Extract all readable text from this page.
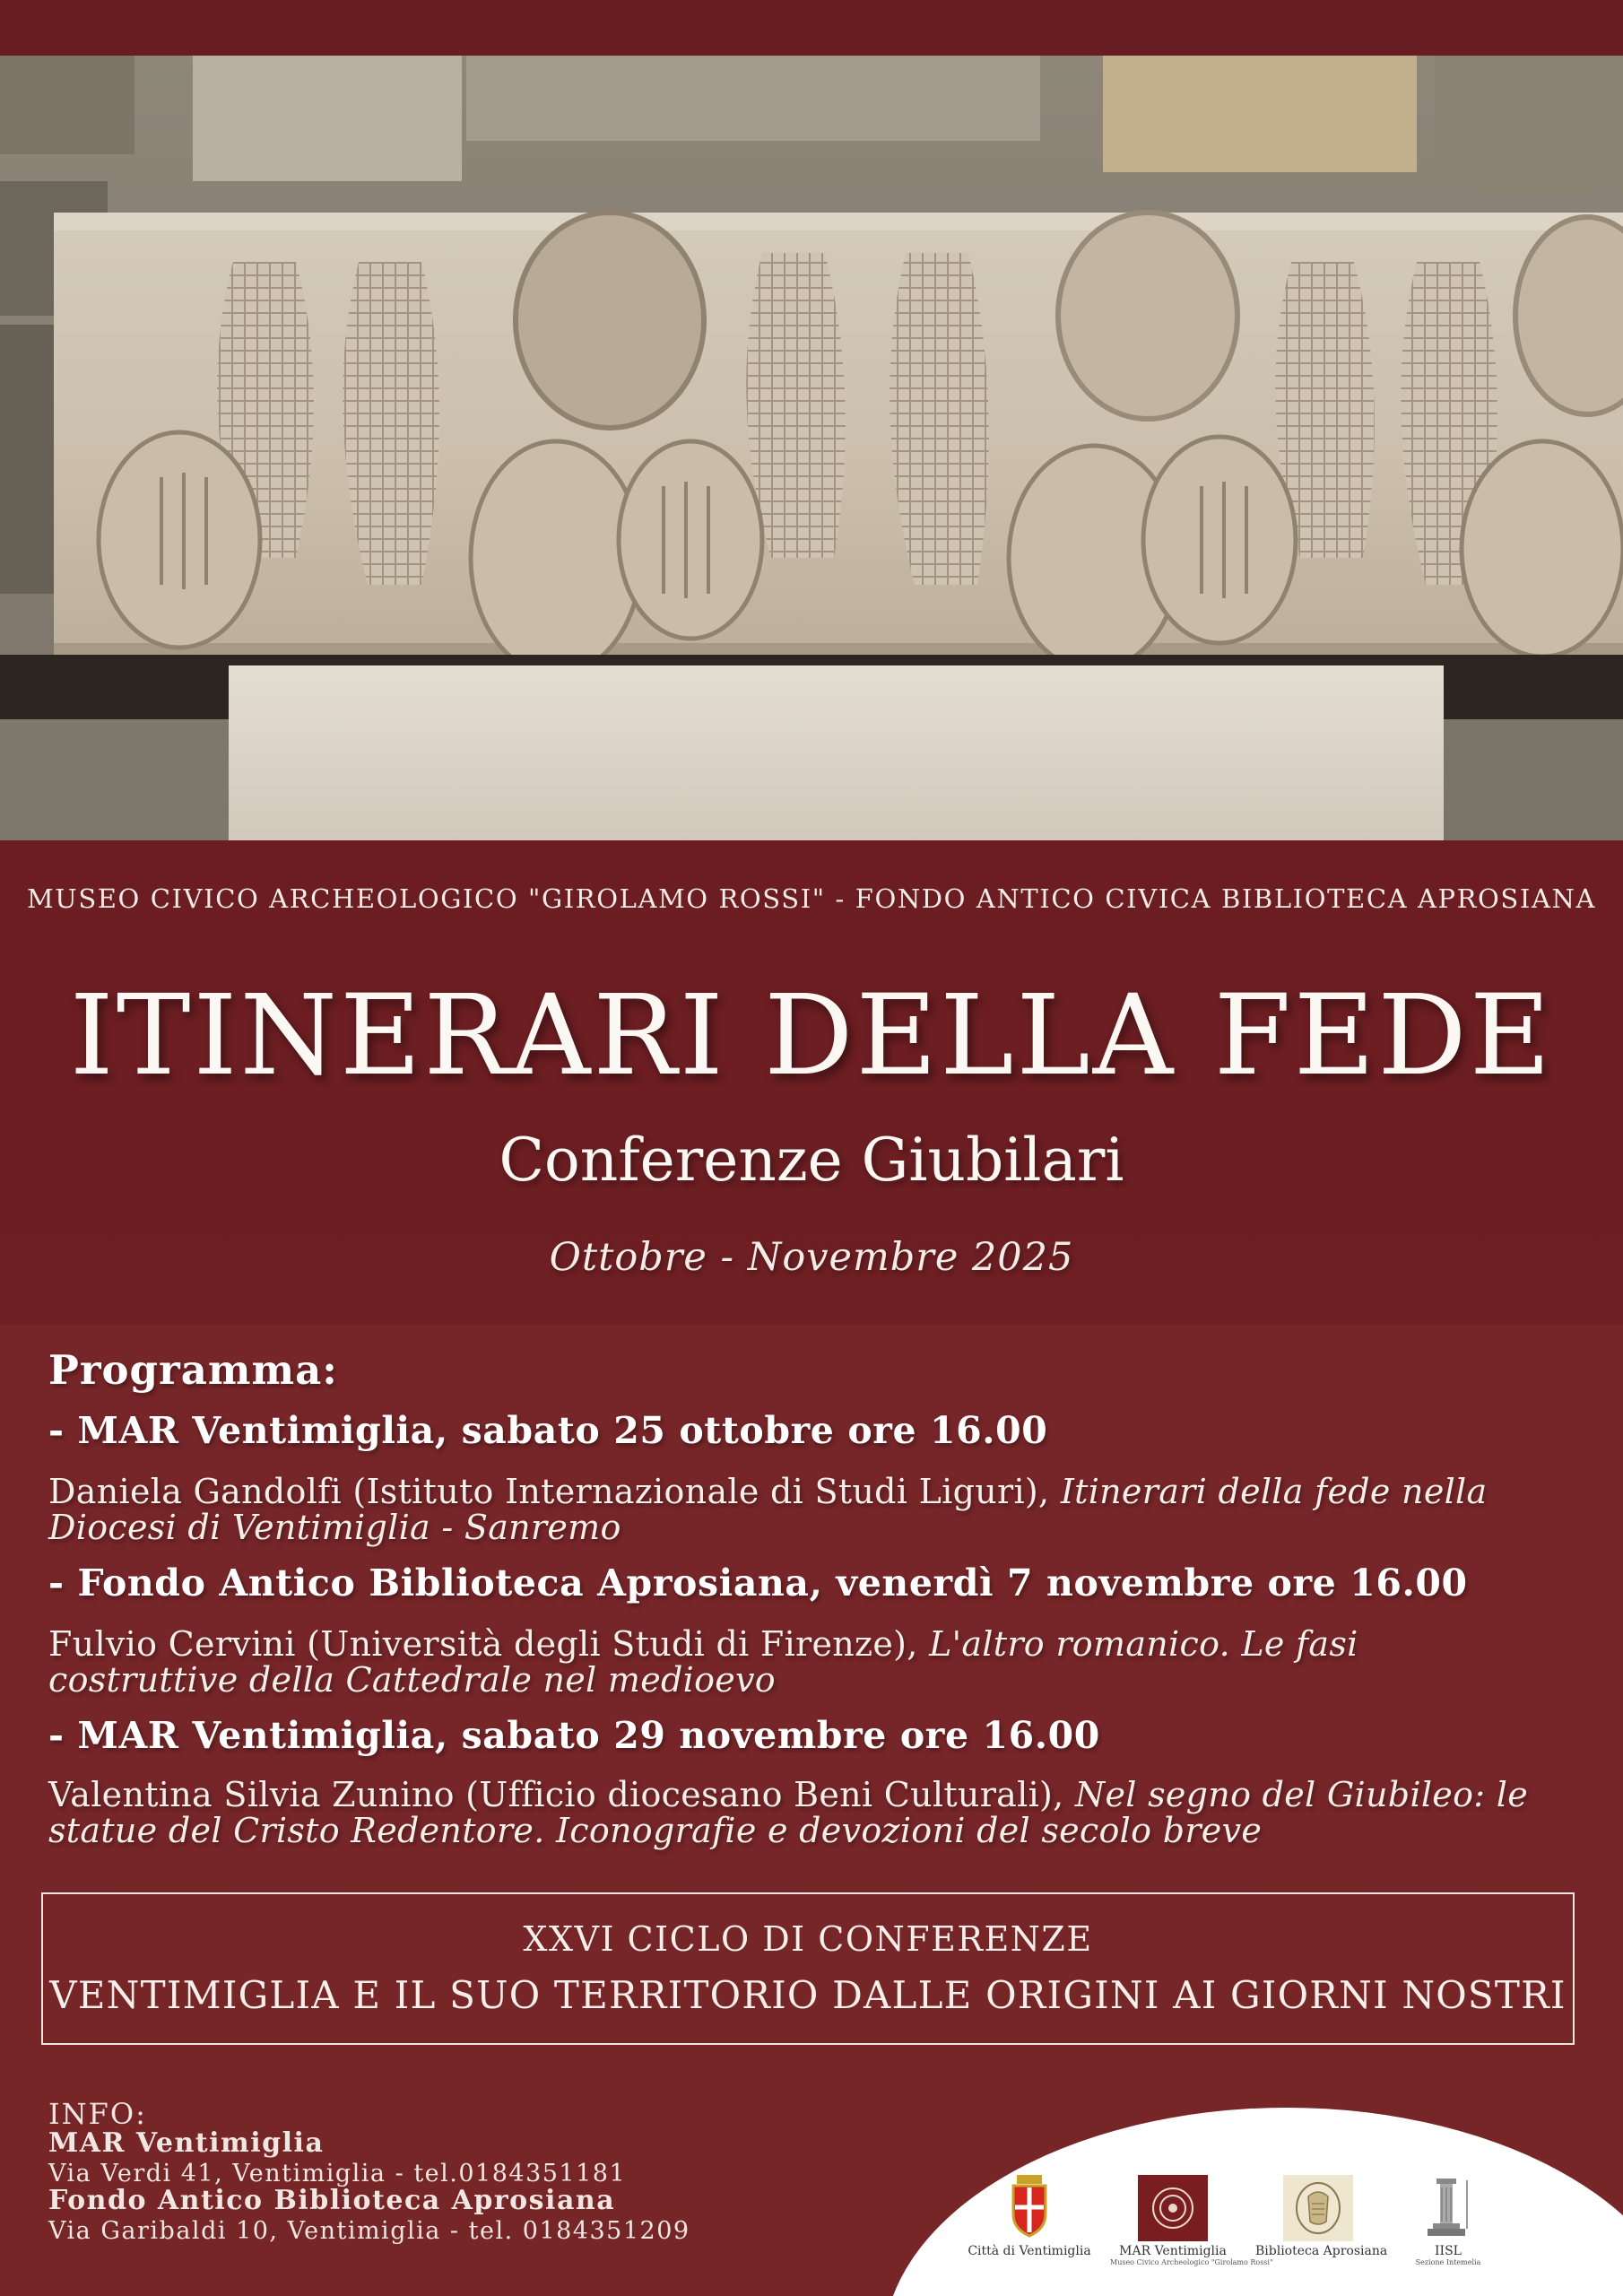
MUSEO CIVICO ARCHEOLOGICO "GIROLAMO ROSSI" - FONDO ANTICO CIVICA BIBLIOTECA APROSIANA
ITINERARI DELLA FEDE
Conferenze Giubilari
Ottobre - Novembre 2025
Programma:
- MAR Ventimiglia, sabato 25 ottobre ore 16.00
Daniela Gandolfi (Istituto Internazionale di Studi Liguri), Itinerari della fede nella
Diocesi di Ventimiglia - Sanremo
- Fondo Antico Biblioteca Aprosiana, venerdì 7 novembre ore 16.00
Fulvio Cervini (Università degli Studi di Firenze), L'altro romanico. Le fasi
costruttive della Cattedrale nel medioevo
- MAR Ventimiglia, sabato 29 novembre ore 16.00
Valentina Silvia Zunino (Ufficio diocesano Beni Culturali), Nel segno del Giubileo: le
statue del Cristo Redentore. Iconografie e devozioni del secolo breve
XXVI CICLO DI CONFERENZE
VENTIMIGLIA E IL SUO TERRITORIO DALLE ORIGINI AI GIORNI NOSTRI
INFO:
MAR Ventimiglia
Via Verdi 41, Ventimiglia - tel.0184351181
Fondo Antico Biblioteca Aprosiana
Via Garibaldi 10, Ventimiglia - tel. 0184351209
Città di Ventimiglia	MAR Ventimiglia
Museo Civico Archeologico "Girolamo Rossi"
Biblioteca Aprosiana	IISL
Sezione Intemelia
